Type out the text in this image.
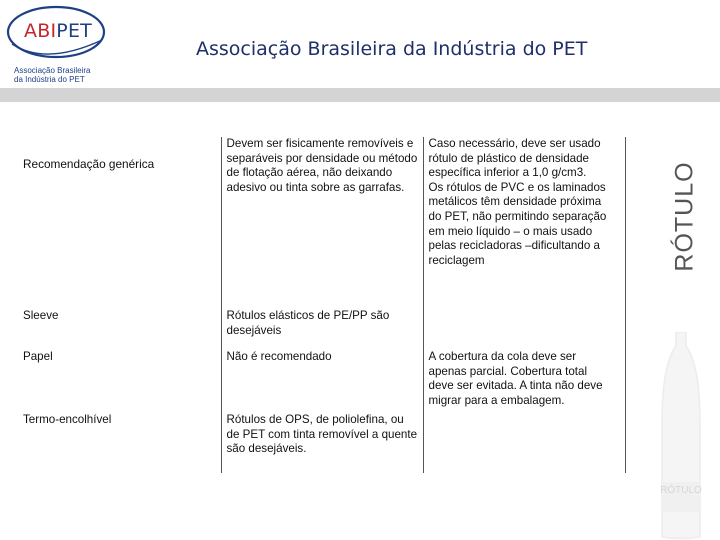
ABIPET
Associação Brasileira
da Indústria do PET
Associação Brasileira da Indústria do PET
RÓTULO
RÓTULO
Recomendação genérica	Devem ser fisicamente removíveis e separáveis por densidade ou método de flotação aérea, não deixando adesivo ou tinta sobre as garrafas.	Caso necessário, deve ser usado rótulo de plástico de densidade específica inferior a 1,0 g/cm3.
Os rótulos de PVC e os laminados metálicos têm densidade próxima do PET, não permitindo separação em meio líquido – o mais usado pelas recicladoras –dificultando a reciclagem

Sleeve	Rótulos elásticos de PE/PP são desejáveis	
Papel	Não é recomendado	A cobertura da cola deve ser apenas parcial. Cobertura total deve ser evitada. A tinta não deve migrar para a embalagem.
Termo-encolhível	Rótulos de OPS, de poliolefina, ou de PET com tinta removível a quente são desejáveis.	
